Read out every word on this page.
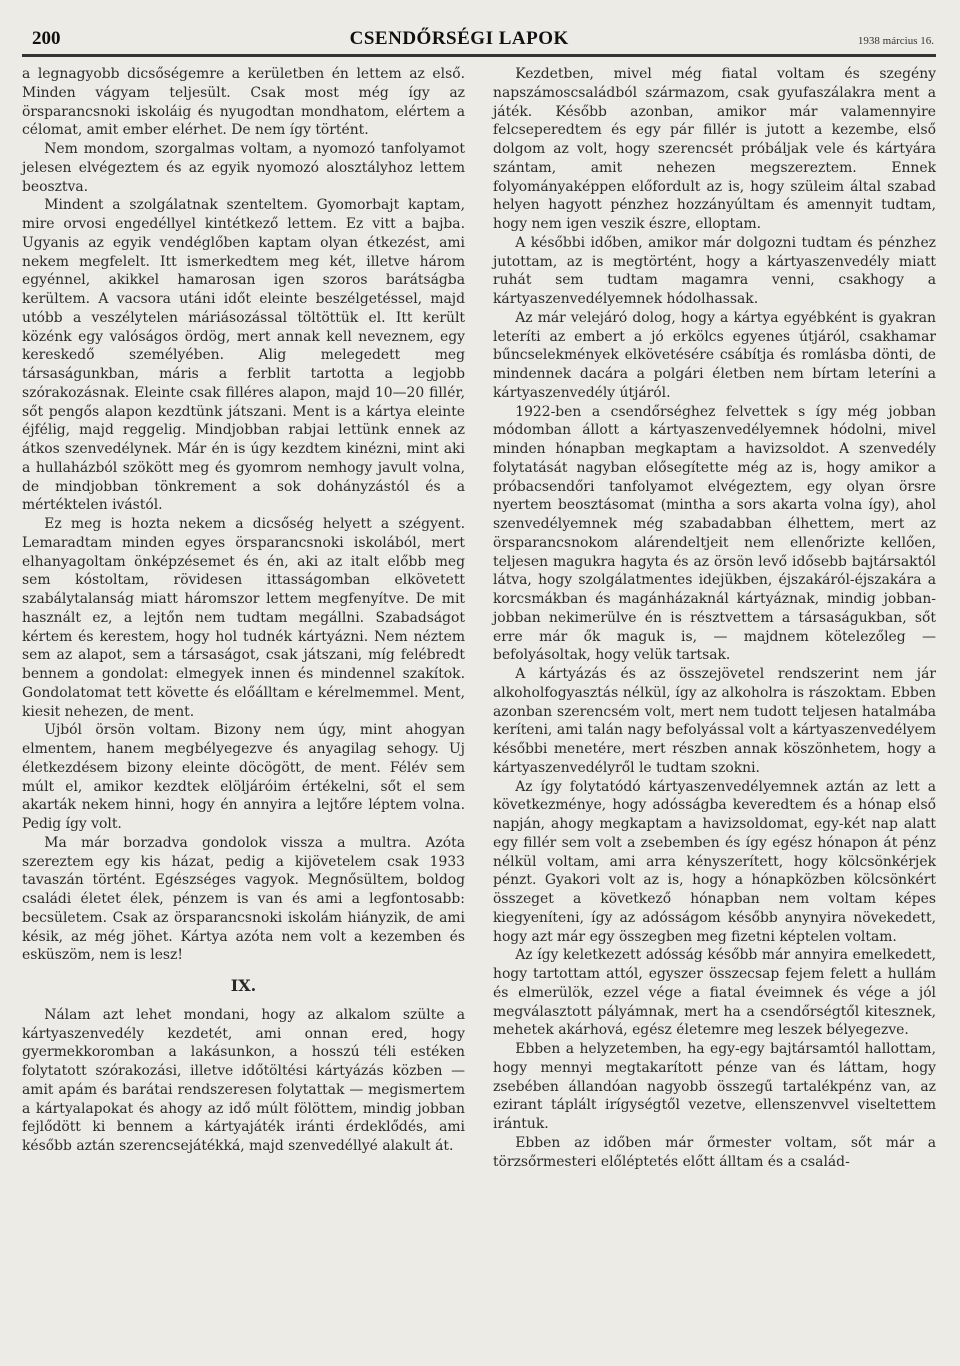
200	CSENDŐRSÉGI LAPOK	1938 március 16.

a legnagyobb dicsőségemre a kerületben én lettem az első. Minden vágyam teljesült. Csak most még így az örsparancsnoki iskoláig és nyugodtan mondhatom, elértem a célomat, amit ember elérhet. De nem így történt.

Nem mondom, szorgalmas voltam, a nyomozó tanfolyamot jelesen elvégeztem és az egyik nyomozó alosztályhoz lettem beosztva.

Mindent a szolgálatnak szenteltem. Gyomorbajt kaptam, mire orvosi engedéllyel kintétkező lettem. Ez vitt a bajba. Ugyanis az egyik vendéglőben kaptam olyan étkezést, ami nekem megfelelt. Itt ismerkedtem meg két, illetve három egyénnel, akikkel hamarosan igen szoros barátságba kerültem. A vacsora utáni időt eleinte beszélgetéssel, majd utóbb a veszélytelen máriásozással töltöttük el. Itt került közénk egy valóságos ördög, mert annak kell neveznem, egy kereskedő személyében. Alig melegedett meg társaságunkban, máris a ferblit tartotta a legjobb szórakozásnak. Eleinte csak filléres alapon, majd 10—20 fillér, sőt pengős alapon kezdtünk játszani. Ment is a kártya eleinte éjfélig, majd reggelig. Mindjobban rabjai lettünk ennek az átkos szenvedélynek. Már én is úgy kezdtem kinézni, mint aki a hullaházból szökött meg és gyomrom nemhogy javult volna, de mindjobban tönkrement a sok dohányzástól és a mértéktelen ivástól.

Ez meg is hozta nekem a dicsőség helyett a szégyent. Lemaradtam minden egyes örsparancsnoki iskolából, mert elhanyagoltam önképzésemet és én, aki az italt előbb meg sem kóstoltam, rövidesen ittasságomban elkövetett szabálytalanság miatt háromszor lettem megfenyítve. De mit használt ez, a lejtőn nem tudtam megállni. Szabadságot kértem és kerestem, hogy hol tudnék kártyázni. Nem néztem sem az alapot, sem a társaságot, csak játszani, míg felébredt bennem a gondolat: elmegyek innen és mindennel szakítok. Gondolatomat tett követte és előálltam e kérelmemmel. Ment, kiesit nehezen, de ment.

Ujból örsön voltam. Bizony nem úgy, mint ahogyan elmentem, hanem megbélyegezve és anyagilag sehogy. Uj életkezdésem bizony eleinte döcögött, de ment. Félév sem múlt el, amikor kezdtek elöljáróim értékelni, sőt el sem akarták nekem hinni, hogy én annyira a lejtőre léptem volna. Pedig így volt.

Ma már borzadva gondolok vissza a multra. Azóta szereztem egy kis házat, pedig a kijövetelem csak 1933 tavaszán történt. Egészséges vagyok. Megnősültem, boldog családi életet élek, pénzem is van és ami a legfontosabb: becsületem. Csak az örsparancsnoki iskolám hiányzik, de ami késik, az még jöhet. Kártya azóta nem volt a kezemben és esküszöm, nem is lesz!

IX.

Nálam azt lehet mondani, hogy az alkalom szülte a kártyaszenvedély kezdetét, ami onnan ered, hogy gyermekkoromban a lakásunkon, a hosszú téli estéken folytatott szórakozási, illetve időtöltési kártyázás közben — amit apám és barátai rendszeresen folytattak — megismertem a kártyalapokat és ahogy az idő múlt fölöttem, mindig jobban fejlődött ki bennem a kártyajáték iránti érdeklődés, ami később aztán szerencsejátékká, majd szenvedéllyé alakult át.

Kezdetben, mivel még fiatal voltam és szegény napszámoscsaládból származom, csak gyufaszálakra ment a játék. Később azonban, amikor már valamennyire felcseperedtem és egy pár fillér is jutott a kezembe, első dolgom az volt, hogy szerencsét próbáljak vele és kártyára szántam, amit nehezen megszereztem. Ennek folyományaképpen előfordult az is, hogy szüleim által szabad helyen hagyott pénzhez hozzányúltam és amennyit tudtam, hogy nem igen veszik észre, elloptam.

A későbbi időben, amikor már dolgozni tudtam és pénzhez jutottam, az is megtörtént, hogy a kártyaszenvedély miatt ruhát sem tudtam magamra venni, csakhogy a kártyaszenvedélyemnek hódolhassak.

Az már velejáró dolog, hogy a kártya egyébként is gyakran leteríti az embert a jó erkölcs egyenes útjáról, csakhamar bűncselekmények elkövetésére csábítja és romlásba dönti, de mindennek dacára a polgári életben nem bírtam leteríni a kártyaszenvedély útjáról.

1922-ben a csendőrséghez felvettek s így még jobban módomban állott a kártyaszenvedélyemnek hódolni, mivel minden hónapban megkaptam a havizsoldot. A szenvedély folytatását nagyban elősegítette még az is, hogy amikor a próbacsendőri tanfolyamot elvégeztem, egy olyan örsre nyertem beosztásomat (mintha a sors akarta volna így), ahol szenvedélyemnek még szabadabban élhettem, mert az örsparancsnokom alárendeltjeit nem ellenőrizte kellően, teljesen magukra hagyta és az örsön levő idősebb bajtársaktól látva, hogy szolgálatmentes idejükben, éjszakáról-éjszakára a korcsmákban és magánházaknál kártyáznak, mindig jobban-jobban nekimerülve én is résztvettem a társaságukban, sőt erre már ők maguk is, — majdnem kötelezőleg — befolyásoltak, hogy velük tartsak.

A kártyázás és az összejövetel rendszerint nem jár alkoholfogyasztás nélkül, így az alkoholra is rászoktam. Ebben azonban szerencsém volt, mert nem tudott teljesen hatalmába keríteni, ami talán nagy befolyással volt a kártyaszenvedélyem későbbi menetére, mert részben annak köszönhetem, hogy a kártyaszenvedélyről le tudtam szokni.

Az így folytatódó kártyaszenvedélyemnek aztán az lett a következménye, hogy adósságba keveredtem és a hónap első napján, ahogy megkaptam a havizsoldomat, egy-két nap alatt egy fillér sem volt a zsebemben és így egész hónapon át pénz nélkül voltam, ami arra kényszerített, hogy kölcsönkérjek pénzt. Gyakori volt az is, hogy a hónapközben kölcsönkért összeget a következő hónapban nem voltam képes kiegyeníteni, így az adósságom később anynyira növekedett, hogy azt már egy összegben meg fizetni képtelen voltam.

Az így keletkezett adósság később már annyira emelkedett, hogy tartottam attól, egyszer összecsap fejem felett a hullám és elmerülök, ezzel vége a fiatal éveimnek és vége a jól megválasztott pályámnak, mert ha a csendőrségtől kitesznek, mehetek akárhová, egész életemre meg leszek bélyegezve.

Ebben a helyzetemben, ha egy-egy bajtársamtól hallottam, hogy mennyi megtakarított pénze van és láttam, hogy zsebében állandóan nagyobb összegű tartalékpénz van, az ezirant táplált irígységtől vezetve, ellenszenvvel viseltettem irántuk.

Ebben az időben már őrmester voltam, sőt már a törzsőrmesteri előléptetés előtt álltam és a család-
